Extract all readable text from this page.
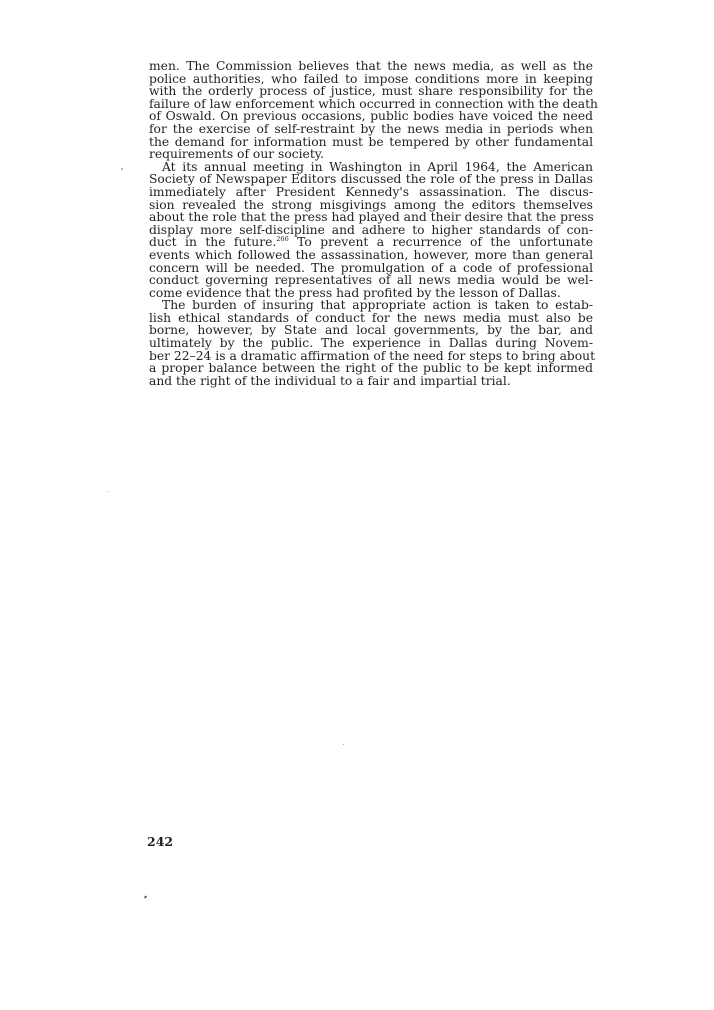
men. The Commission believes that the news media, as well as the
police authorities, who failed to impose conditions more in keeping
with the orderly process of justice, must share responsibility for the
failure of law enforcement which occurred in connection with the death
of Oswald. On previous occasions, public bodies have voiced the need
for the exercise of self-restraint by the news media in periods when
the demand for information must be tempered by other fundamental
requirements of our society.
At its annual meeting in Washington in April 1964, the American
Society of Newspaper Editors discussed the role of the press in Dallas
immediately after President Kennedy's assassination. The discus-
sion revealed the strong misgivings among the editors themselves
about the role that the press had played and their desire that the press
display more self-discipline and adhere to higher standards of con-
duct in the future.$^{266}$ To prevent a recurrence of the unfortunate
events which followed the assassination, however, more than general
concern will be needed. The promulgation of a code of professional
conduct governing representatives of all news media would be wel-
come evidence that the press had profited by the lesson of Dallas.
The burden of insuring that appropriate action is taken to estab-
lish ethical standards of conduct for the news media must also be
borne, however, by State and local governments, by the bar, and
ultimately by the public. The experience in Dallas during Novem-
ber 22–24 is a dramatic affirmation of the need for steps to bring about
a proper balance between the right of the public to be kept informed
and the right of the individual to a fair and impartial trial.
242
